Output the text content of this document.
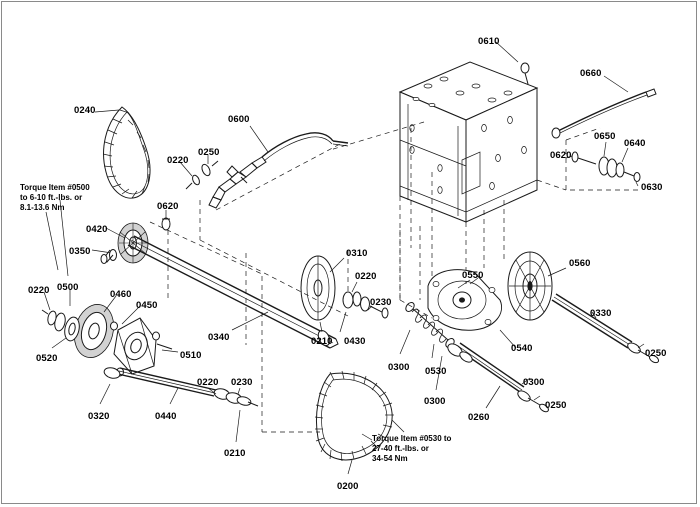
0610
0660
0240
0600
0650
0640
0220
0250	0620
0630
0620
0420
0350	0310
0220	0550
0560
0500
0220	0460
0450	0230
0330
0520
0340	0210 0430
0540	0250
0510
0300 0530
0300
0320	0440
0220 0230
0300
0260
0250
0210
0200
Torque Item #0500
to 6-10 ft.-lbs. or
8.1-13.6 Nm
Torque Item #0530 to
27-40 ft.-lbs. or
34-54 Nm
